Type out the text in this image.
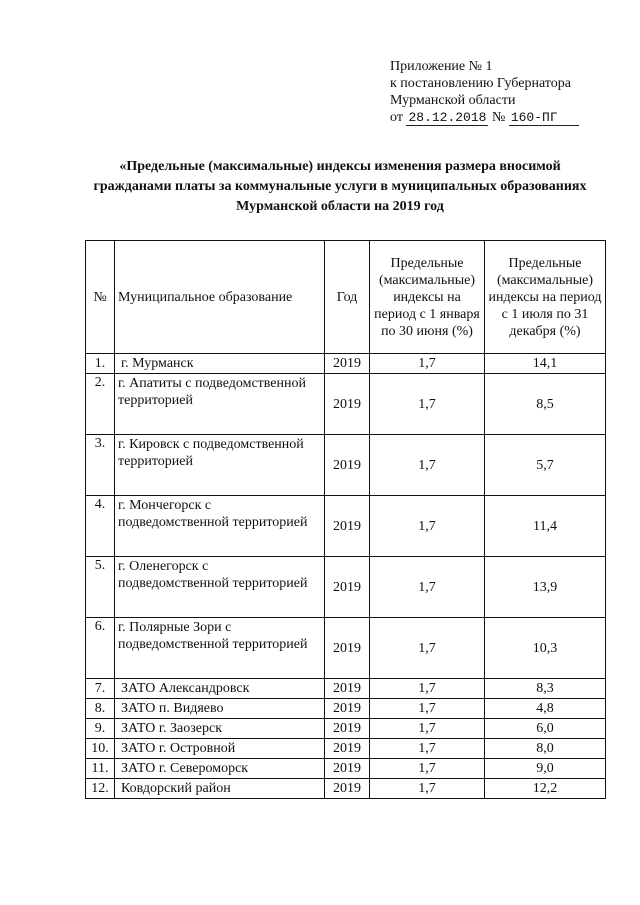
Приложение № 1
к постановлению Губернатора
Мурманской области
от 28.12.2018 № 160-ПГ
«Предельные (максимальные) индексы изменения размера вносимой гражданами платы за коммунальные услуги в муниципальных образованиях Мурманской области на 2019 год
№	Муниципальное образование	Год	Предельные (максимальные) индексы на период с 1 января по 30 июня (%)	Предельные (максимальные) индексы на период с 1 июля по 31 декабря (%)
1.	г. Мурманск	2019	1,7	14,1
2.	г. Апатиты с подведомственной территорией	2019	1,7	8,5
3.	г. Кировск с подведомственной территорией	2019	1,7	5,7
4.	г. Мончегорск с подведомственной территорией	2019	1,7	11,4
5.	г. Оленегорск с подведомственной территорией	2019	1,7	13,9
6.	г. Полярные Зори с подведомственной территорией	2019	1,7	10,3
7.	ЗАТО Александровск	2019	1,7	8,3
8.	ЗАТО п. Видяево	2019	1,7	4,8
9.	ЗАТО г. Заозерск	2019	1,7	6,0
10.	ЗАТО г. Островной	2019	1,7	8,0
11.	ЗАТО г. Североморск	2019	1,7	9,0
12.	Ковдорский район	2019	1,7	12,2
